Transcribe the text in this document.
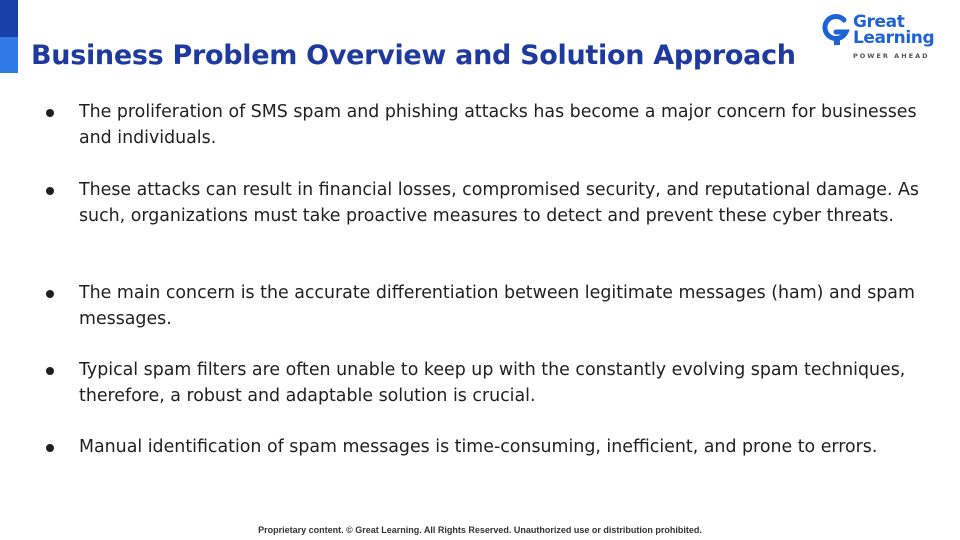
Business Problem Overview and Solution Approach
Great
Learning
POWER AHEAD
The proliferation of SMS spam and phishing attacks has become a major concern for businesses and individuals.
These attacks can result in financial losses, compromised security, and reputational damage. As such, organizations must take proactive measures to detect and prevent these cyber threats.
The main concern is the accurate differentiation between legitimate messages (ham) and spam messages.
Typical spam filters are often unable to keep up with the constantly evolving spam techniques, therefore, a robust and adaptable solution is crucial.
Manual identification of spam messages is time-consuming, inefficient, and prone to errors.
Proprietary content. © Great Learning. All Rights Reserved. Unauthorized use or distribution prohibited.
